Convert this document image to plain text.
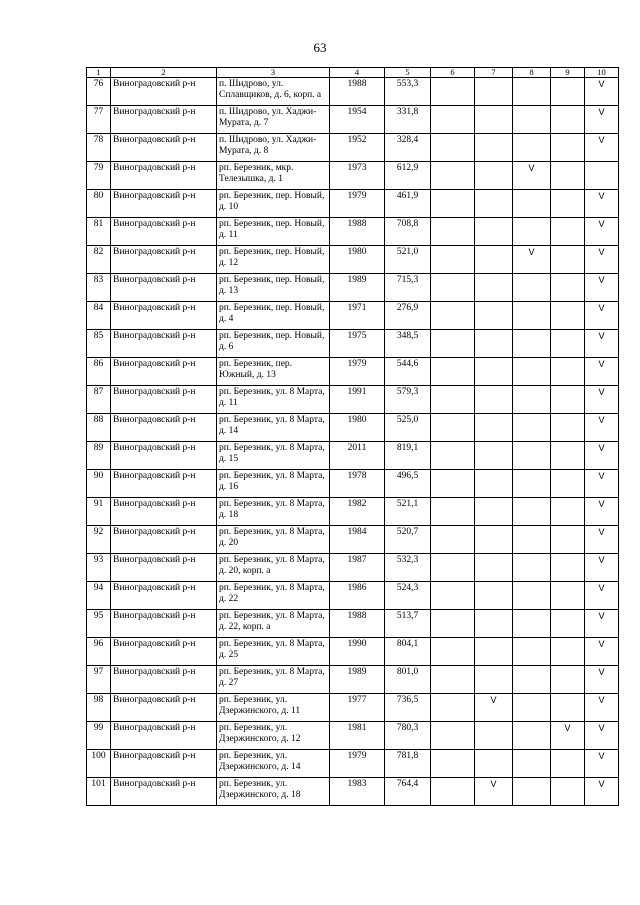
63
1	2	3	4	5	6	7	8	9	10
76	Виноградовский р-н	п. Шидрово, ул. Сплавщиков, д. 6, корп. а	1988	553,3					V
77	Виноградовский р-н	п. Шидрово, ул. Хаджи-Мурата, д. 7	1954	331,8					V
78	Виноградовский р-н	п. Шидрово, ул. Хаджи-Мурата, д. 8	1952	328,4					V
79	Виноградовский р-н	рп. Березник, мкр. Телезышка, д. 1	1973	612,9			V		
80	Виноградовский р-н	рп. Березник, пер. Новый, д. 10	1979	461,9					V
81	Виноградовский р-н	рп. Березник, пер. Новый, д. 11	1988	708,8					V
82	Виноградовский р-н	рп. Березник, пер. Новый, д. 12	1980	521,0			V		V
83	Виноградовский р-н	рп. Березник, пер. Новый, д. 13	1989	715,3					V
84	Виноградовский р-н	рп. Березник, пер. Новый, д. 4	1971	276,9					V
85	Виноградовский р-н	рп. Березник, пер. Новый, д. 6	1975	348,5					V
86	Виноградовский р-н	рп. Березник, пер. Южный, д. 13	1979	544,6					V
87	Виноградовский р-н	рп. Березник, ул. 8 Марта, д. 11	1991	579,3					V
88	Виноградовский р-н	рп. Березник, ул. 8 Марта, д. 14	1980	525,0					V
89	Виноградовский р-н	рп. Березник, ул. 8 Марта, д. 15	2011	819,1					V
90	Виноградовский р-н	рп. Березник, ул. 8 Марта, д. 16	1978	496,5					V
91	Виноградовский р-н	рп. Березник, ул. 8 Марта, д. 18	1982	521,1					V
92	Виноградовский р-н	рп. Березник, ул. 8 Марта, д. 20	1984	520,7					V
93	Виноградовский р-н	рп. Березник, ул. 8 Марта, д. 20, корп. а	1987	532,3					V
94	Виноградовский р-н	рп. Березник, ул. 8 Марта, д. 22	1986	524,3					V
95	Виноградовский р-н	рп. Березник, ул. 8 Марта, д. 22, корп. а	1988	513,7					V
96	Виноградовский р-н	рп. Березник, ул. 8 Марта, д. 25	1990	804,1					V
97	Виноградовский р-н	рп. Березник, ул. 8 Марта, д. 27	1989	801,0					V
98	Виноградовский р-н	рп. Березник, ул. Дзержинского, д. 11	1977	736,5		V			V
99	Виноградовский р-н	рп. Березник, ул. Дзержинского, д. 12	1981	780,3				V	V
100	Виноградовский р-н	рп. Березник, ул. Дзержинского, д. 14	1979	781,8					V
101	Виноградовский р-н	рп. Березник, ул. Дзержинского, д. 18	1983	764,4		V			V
